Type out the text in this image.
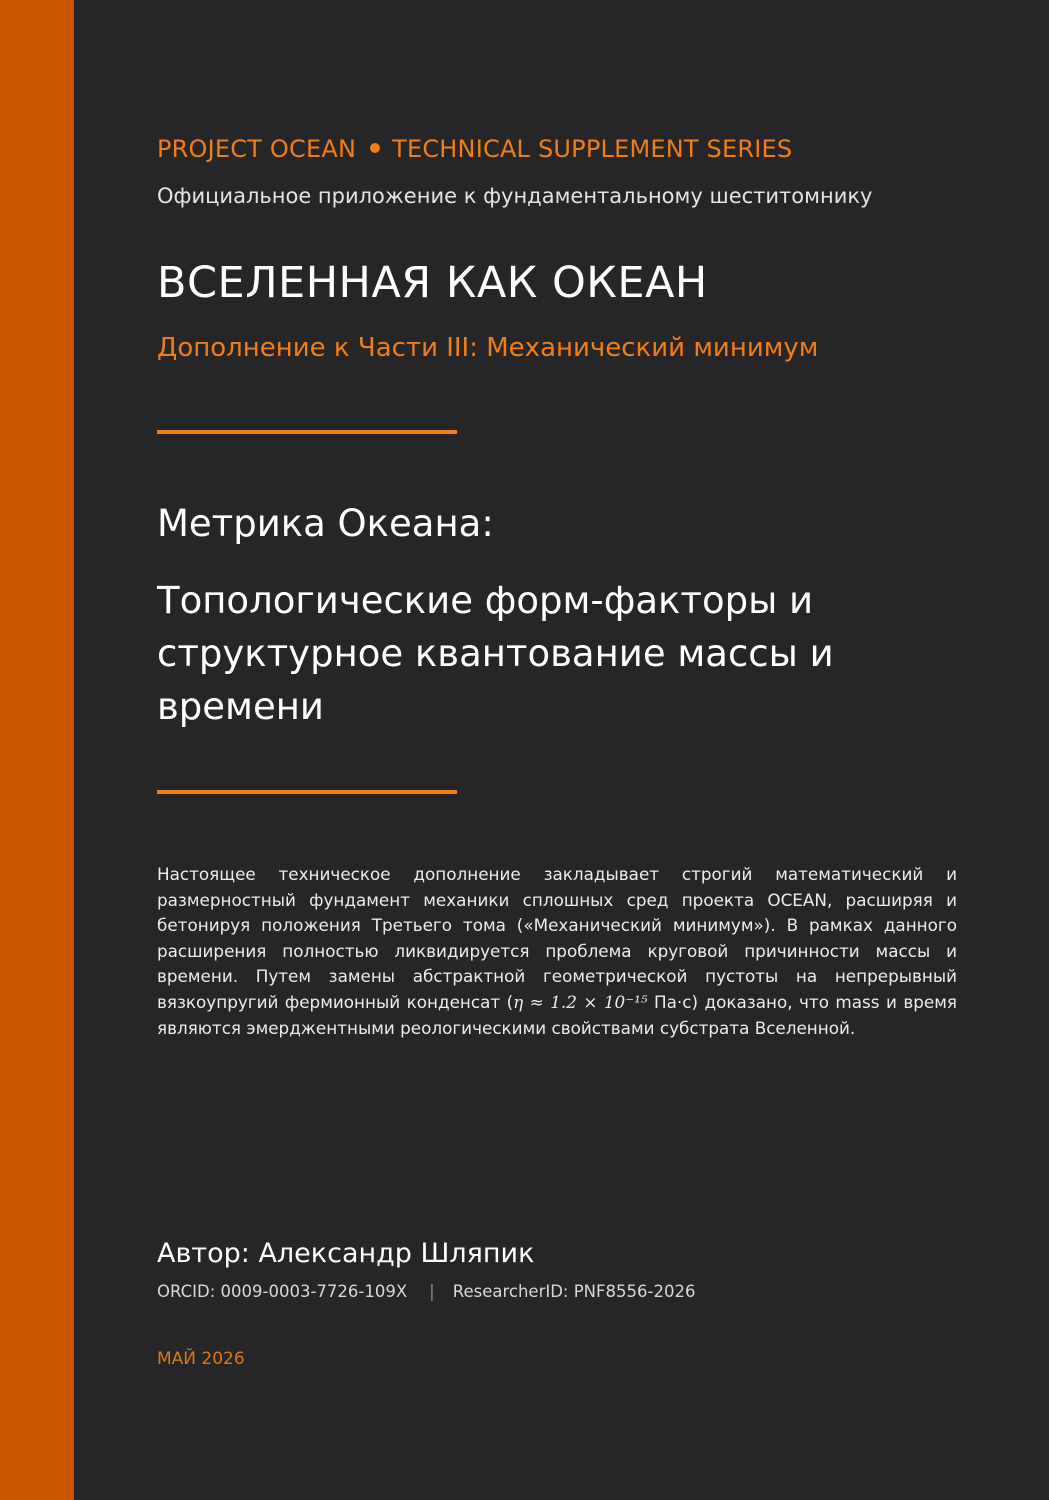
PROJECT OCEAN TECHNICAL SUPPLEMENT SERIES
Официальное приложение к фундаментальному шеститомнику
ВСЕЛЕННАЯ КАК ОКЕАН
Дополнение к Части III: Механический минимум
Метрика Океана:
Топологические форм-факторы и структурное квантование массы и времени
Настоящее техническое дополнение закладывает строгий математический и размерностный фундамент механики сплошных сред проекта OCEAN, расширяя и бетонируя положения Третьего тома («Механический минимум»). В рамках данного расширения полностью ликвидируется проблема круговой причинности массы и времени. Путем замены абстрактной геометрической пустоты на непрерывный вязкоупругий фермионный конденсат (η ≈ 1.2 × 10⁻¹⁵ Па·с) доказано, что mass и время являются эмерджентными реологическими свойствами субстрата Вселенной.
Автор: Александр Шляпик
ORCID: 0009-0003-7726-109X | ResearcherID: PNF8556-2026
МАЙ 2026
